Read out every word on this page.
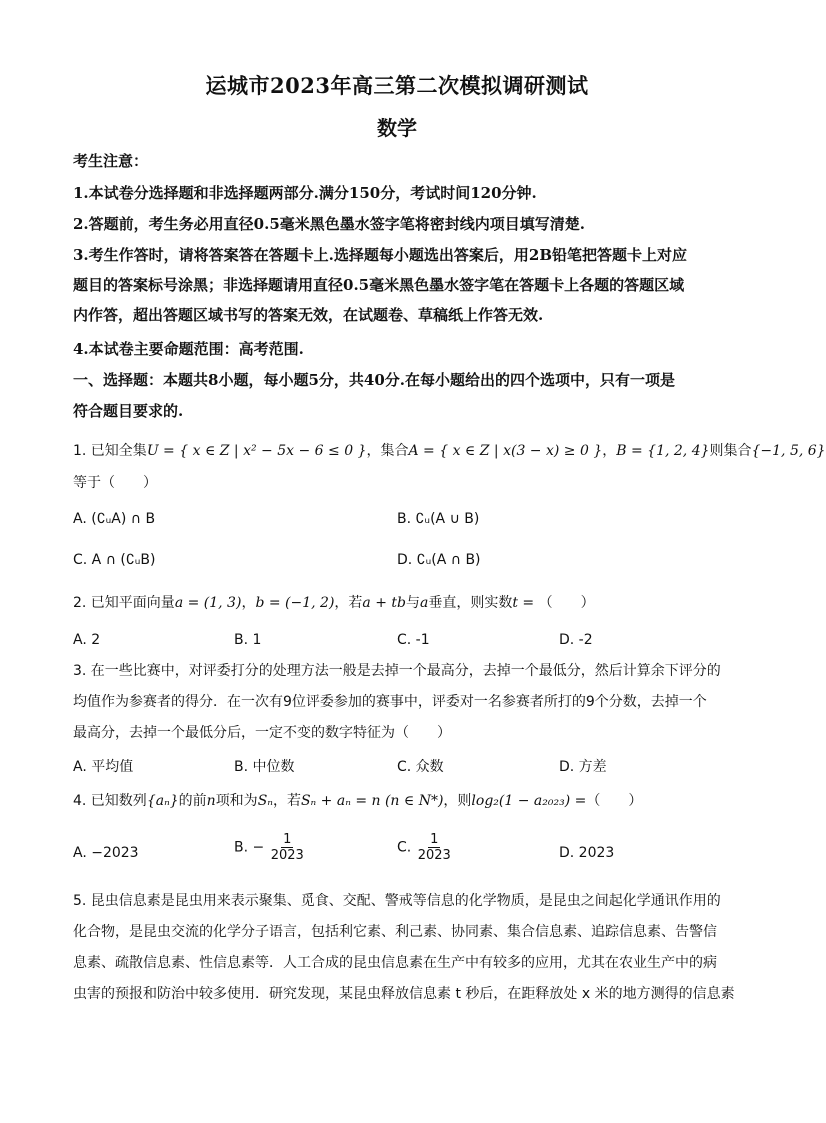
运城市2023年高三第二次模拟调研测试
数学
考生注意：
1.本试卷分选择题和非选择题两部分.满分150分，考试时间120分钟.
2.答题前，考生务必用直径0.5毫米黑色墨水签字笔将密封线内项目填写清楚.
3.考生作答时，请将答案答在答题卡上.选择题每小题选出答案后，用2B铅笔把答题卡上对应
题目的答案标号涂黑；非选择题请用直径0.5毫米黑色墨水签字笔在答题卡上各题的答题区域
内作答，超出答题区域书写的答案无效，在试题卷、草稿纸上作答无效.
4.本试卷主要命题范围：高考范围.
一、选择题：本题共8小题，每小题5分，共40分.在每小题给出的四个选项中，只有一项是
符合题目要求的.
1. 已知全集U = { x ∈ Z | x² − 5x − 6 ≤ 0 }，集合A = { x ∈ Z | x(3 − x) ≥ 0 }，B = {1, 2, 4}则集合{−1, 5, 6}
等于（　　）
A. (∁ᵤA) ∩ B	B. ∁ᵤ(A ∪ B)
C. A ∩ (∁ᵤB)	D. ∁ᵤ(A ∩ B)
2. 已知平面向量a = (1, 3)，b = (−1, 2)，若a + tb与a垂直，则实数t = （　　）
A. 2	B. 1	C. -1	D. -2
3. 在一些比赛中，对评委打分的处理方法一般是去掉一个最高分，去掉一个最低分，然后计算余下评分的
均值作为参赛者的得分．在一次有9位评委参加的赛事中，评委对一名参赛者所打的9个分数，去掉一个
最高分，去掉一个最低分后，一定不变的数字特征为（　　）
A. 平均值	B. 中位数	C. 众数	D. 方差
4. 已知数列{aₙ}的前n项和为Sₙ，若Sₙ + aₙ = n (n ∈ N*)，则log₂(1 − a₂₀₂₃) =（　　）
A. −2023	B. − $\frac{1}{2023}$	C. $\frac{1}{2023}$	D. 2023
5. 昆虫信息素是昆虫用来表示聚集、觅食、交配、警戒等信息的化学物质，是昆虫之间起化学通讯作用的
化合物，是昆虫交流的化学分子语言，包括利它素、利己素、协同素、集合信息素、追踪信息素、告警信
息素、疏散信息素、性信息素等．人工合成的昆虫信息素在生产中有较多的应用，尤其在农业生产中的病
虫害的预报和防治中较多使用．研究发现，某昆虫释放信息素 t 秒后，在距释放处 x 米的地方测得的信息素
